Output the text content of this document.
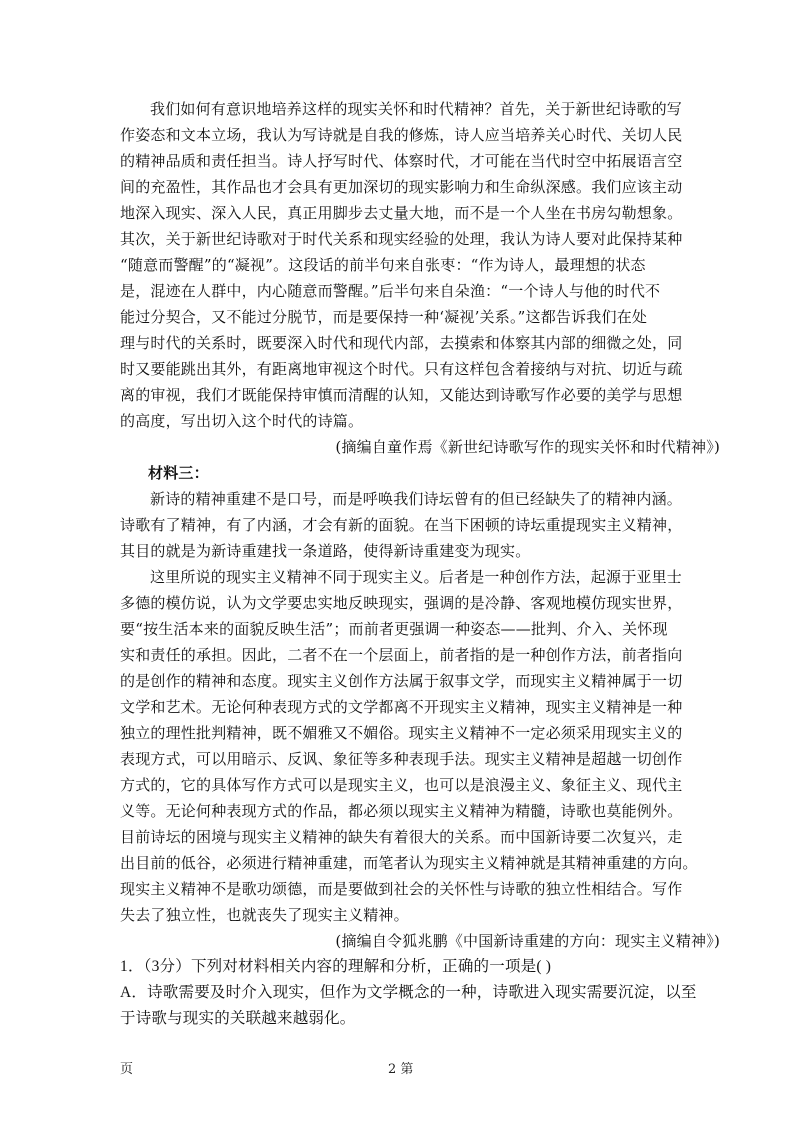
我们如何有意识地培养这样的现实关怀和时代精神？首先，关于新世纪诗歌的写
作姿态和文本立场，我认为写诗就是自我的修炼，诗人应当培养关心时代、关切人民
的精神品质和责任担当。诗人抒写时代、体察时代，才可能在当代时空中拓展语言空
间的充盈性，其作品也才会具有更加深切的现实影响力和生命纵深感。我们应该主动
地深入现实、深入人民，真正用脚步去丈量大地，而不是一个人坐在书房勾勒想象。
其次，关于新世纪诗歌对于时代关系和现实经验的处理，我认为诗人要对此保持某种
“随意而警醒”的“凝视”。这段话的前半句来自张枣：“作为诗人，最理想的状态
是，混迹在人群中，内心随意而警醒。”后半句来自朵渔：“一个诗人与他的时代不
能过分契合，又不能过分脱节，而是要保持一种‘凝视’关系。”这都告诉我们在处
理与时代的关系时，既要深入时代和现代内部，去摸索和体察其内部的细微之处，同
时又要能跳出其外，有距离地审视这个时代。只有这样包含着接纳与对抗、切近与疏
离的审视，我们才既能保持审慎而清醒的认知，又能达到诗歌写作必要的美学与思想
的高度，写出切入这个时代的诗篇。
(摘编自童作焉《新世纪诗歌写作的现实关怀和时代精神》)
材料三：
新诗的精神重建不是口号，而是呼唤我们诗坛曾有的但已经缺失了的精神内涵。
诗歌有了精神，有了内涵，才会有新的面貌。在当下困顿的诗坛重提现实主义精神，
其目的就是为新诗重建找一条道路，使得新诗重建变为现实。
这里所说的现实主义精神不同于现实主义。后者是一种创作方法，起源于亚里士
多德的模仿说，认为文学要忠实地反映现实，强调的是冷静、客观地模仿现实世界，
要“按生活本来的面貌反映生活”；而前者更强调一种姿态——批判、介入、关怀现
实和责任的承担。因此，二者不在一个层面上，前者指的是一种创作方法，前者指向
的是创作的精神和态度。现实主义创作方法属于叙事文学，而现实主义精神属于一切
文学和艺术。无论何种表现方式的文学都离不开现实主义精神，现实主义精神是一种
独立的理性批判精神，既不媚雅又不媚俗。现实主义精神不一定必须采用现实主义的
表现方式，可以用暗示、反讽、象征等多种表现手法。现实主义精神是超越一切创作
方式的，它的具体写作方式可以是现实主义，也可以是浪漫主义、象征主义、现代主
义等。无论何种表现方式的作品，都必须以现实主义精神为精髓，诗歌也莫能例外。
目前诗坛的困境与现实主义精神的缺失有着很大的关系。而中国新诗要二次复兴，走
出目前的低谷，必须进行精神重建，而笔者认为现实主义精神就是其精神重建的方向。
现实主义精神不是歌功颂德，而是要做到社会的关怀性与诗歌的独立性相结合。写作
失去了独立性，也就丧失了现实主义精神。
(摘编自令狐兆鹏《中国新诗重建的方向：现实主义精神》)
1．（3分）下列对材料相关内容的理解和分析，正确的一项是( )
A．诗歌需要及时介入现实，但作为文学概念的一种，诗歌进入现实需要沉淀，以至
于诗歌与现实的关联越来越弱化。
页	2 第
